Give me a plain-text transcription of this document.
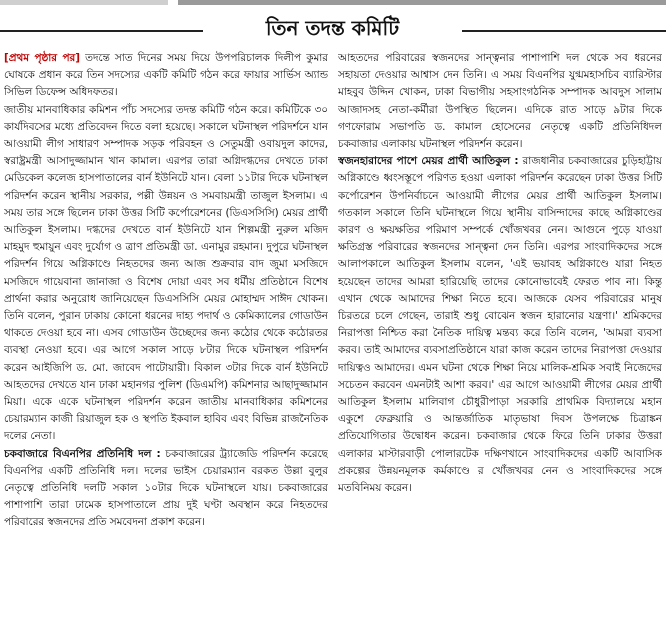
তিন তদন্ত কমিটি

[প্রথম পৃষ্ঠার পর] তদন্তে সাত দিনের সময় দিয়ে উপপরিচালক দিলীপ কুমার ঘোষকে প্রধান করে তিন সদস্যের একটি কমিটি গঠন করে ফায়ার সার্ভিস অ্যান্ড সিভিল ডিফেন্স অধিদফতর।

জাতীয় মানবাধিকার কমিশন পাঁচ সদস্যের তদন্ত কমিটি গঠন করে। কমিটিকে ৩০ কার্যদিবসের মধ্যে প্রতিবেদন দিতে বলা হয়েছে। সকালে ঘটনাস্থল পরিদর্শনে যান আওয়ামী লীগ সাধারণ সম্পাদক সড়ক পরিবহন ও সেতুমন্ত্রী ওবায়দুল কাদের, স্বরাষ্ট্রমন্ত্রী আসাদুজ্জামান খান কামাল। এরপর তারা অগ্নিদগ্ধদের দেখতে ঢাকা মেডিকেল কলেজ হাসপাতালের বার্ন ইউনিটে যান। বেলা ১১টার দিকে ঘটনাস্থল পরিদর্শন করেন স্থানীয় সরকার, পল্লী উন্নয়ন ও সমবায়মন্ত্রী তাজুল ইসলাম। এ সময় তার সঙ্গে ছিলেন ঢাকা উত্তর সিটি কর্পোরেশনের (ডিএসসিসি) মেয়র প্রার্থী আতিকুল ইসলাম। দগ্ধদের দেখতে বার্ন ইউনিটে যান শিল্পমন্ত্রী নুরুল মজিদ মাহমুদ হুমায়ুন এবং দুর্যোগ ও ত্রাণ প্রতিমন্ত্রী ডা. এনামুর রহমান। দুপুরে ঘটনাস্থল পরিদর্শন গিয়ে অগ্নিকাণ্ডে নিহতদের জন্য আজ শুক্রবার বাদ জুমা মসজিদে মসজিদে গায়েবানা জানাজা ও বিশেষ দোয়া এবং সব ধর্মীয় প্রতিষ্ঠানে বিশেষ প্রার্থনা করার অনুরোধ জানিয়েছেন ডিএসসিসি মেয়র মোহাম্মদ সাঈদ খোকন। তিনি বলেন, পুরান ঢাকায় কোনো ধরনের দাহ্য পদার্থ ও কেমিক্যালের গোডাউন থাকতে দেওয়া হবে না। এসব গোডাউন উচ্ছেদের জন্য কঠোর থেকে কঠোরতর ব্যবস্থা নেওয়া হবে। এর আগে সকাল সাড়ে ৮টার দিকে ঘটনাস্থল পরিদর্শন করেন আইজিপি ড. মো. জাবেদ পাটোয়ারী। বিকাল ৩টার দিকে বার্ন ইউনিটে আহতদের দেখতে যান ঢাকা মহানগর পুলিশ (ডিএমপি) কমিশনার আছাদুজ্জামান মিয়া। একে একে ঘটনাস্থল পরিদর্শন করেন জাতীয় মানবাধিকার কমিশনের চেয়ারম্যান কাজী রিয়াজুল হক ও স্থপতি ইকবাল হাবিব এবং বিভিন্ন রাজনৈতিক দলের নেতা।

চকবাজারে বিএনপির প্রতিনিধি দল : চকবাজারের ট্র্যাজেডি পরিদর্শন করেছে বিএনপির একটি প্রতিনিধি দল। দলের ভাইস চেয়ারম্যান বরকত উল্লা বুলুর নেতৃত্বে প্রতিনিধি দলটি সকাল ১০টার দিকে ঘটনাস্থলে যায়। চকবাজারের পাশাপাশি তারা ঢামেক হাসপাতালে প্রায় দুই ঘণ্টা অবস্থান করে নিহতদের পরিবারের স্বজনদের প্রতি সমবেদনা প্রকাশ করেন।

আহতদের পরিবারের স্বজনদের সান্ত্বনার পাশাপাশি দল থেকে সব ধরনের সহায়তা দেওয়ার আশ্বাস দেন তিনি। এ সময় বিএনপির যুগ্মমহাসচিব ব্যারিস্টার মাহবুব উদ্দিন খোকন, ঢাকা বিভাগীয় সহসাংগঠনিক সম্পাদক আবদুস সালাম আজাদসহ নেতা-কর্মীরা উপস্থিত ছিলেন। এদিকে রাত সাড়ে ৯টার দিকে গণফোরাম সভাপতি ড. কামাল হোসেনের নেতৃত্বে একটি প্রতিনিধিদল চকবাজার এলাকায় ঘটনাস্থল পরিদর্শন করেন।

স্বজনহারাদের পাশে মেয়র প্রার্থী আতিকুল : রাজধানীর চকবাজারের চুড়িহাট্টায় অগ্নিকাণ্ডে ধ্বংসস্তূপে পরিণত হওয়া এলাকা পরিদর্শন করেছেন ঢাকা উত্তর সিটি কর্পোরেশন উপনির্বাচনে আওয়ামী লীগের মেয়র প্রার্থী আতিকুল ইসলাম। গতকাল সকালে তিনি ঘটনাস্থলে গিয়ে স্থানীয় বাসিন্দাদের কাছে অগ্নিকাণ্ডের কারণ ও ক্ষয়ক্ষতির পরিমাণ সম্পর্কে খোঁজখবর নেন। আগুনে পুড়ে যাওয়া ক্ষতিগ্রস্ত পরিবারের স্বজনদের সান্ত্বনা দেন তিনি। এরপর সাংবাদিকদের সঙ্গে আলাপকালে আতিকুল ইসলাম বলেন, 'এই ভয়াবহ অগ্নিকাণ্ডে যারা নিহত হয়েছেন তাদের আমরা হারিয়েছি তাদের কোনোভাবেই ফেরত পাব না। কিন্তু এখান থেকে আমাদের শিক্ষা নিতে হবে। আজকে যেসব পরিবারের মানুষ চিরতরে চলে গেছেন, তারাই শুধু বোঝেন স্বজন হারানোর যন্ত্রণা।' শ্রমিকদের নিরাপত্তা নিশ্চিত করা নৈতিক দায়িত্ব মন্তব্য করে তিনি বলেন, 'আমরা ব্যবসা করব। তাই আমাদের ব্যবসাপ্রতিষ্ঠানে যারা কাজ করেন তাদের নিরাপত্তা দেওয়ার দায়িত্বও আমাদের। এমন ঘটনা থেকে শিক্ষা নিয়ে মালিক-শ্রমিক সবাই নিজেদের সচেতন করবেন এমনটাই আশা করব।' এর আগে আওয়ামী লীগের মেয়র প্রার্থী আতিকুল ইসলাম মালিবাগ চৌধুরীপাড়া সরকারি প্রাথমিক বিদ্যালয়ে মহান একুশে ফেব্রুয়ারি ও আন্তর্জাতিক মাতৃভাষা দিবস উপলক্ষে চিত্রাঙ্কন প্রতিযোগিতার উদ্বোধন করেন। চকবাজার থেকে ফিরে তিনি ঢাকার উত্তরা এলাকার মাস্টারবাড়ী পোলারটেক দক্ষিণখানে সাংবাদিকদের একটি আবাসিক প্রকল্পের উন্নয়নমূলক কর্মকাণ্ডে র খোঁজখবর নেন ও সাংবাদিকদের সঙ্গে মতবিনিময় করেন।
